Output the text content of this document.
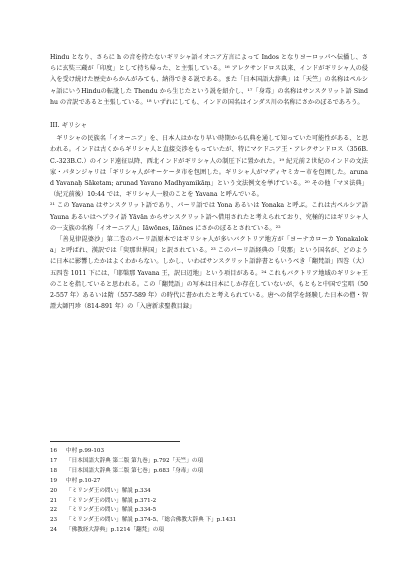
Hindu となり、さらに h の音を持たないギリシャ語イオニア方言によって Indos となりヨーロッパへ伝播し、さらに玄奘三蔵が「印度」として持ち帰った、と主張している。¹⁶ アレクサンドロス以来、インドがギリシャ人の侵入を受け続けた歴史からかんがみても、納得できる説である。また「日本国語大辞典」は「天竺」の名称はペルシャ語にいうHinduの転訛した Thendu から生じたという説を紹介し、¹⁷「身毒」の名称はサンスクリット語 Sindhu の音訳であると主張している。¹⁸ いずれにしても、インドの国名はインダス川の名称にさかのぼるであろう。

III. ギリシャ

ギリシャの民族名「イオーニア」を、日本人はかなり早い時期から仏典を通して知っていた可能性がある、と思われる。インドは古くからギリシャ人と直接交渉をもっていたが、特にマケドニア王・アレクサンドロス（356B.C.-323B.C.）のインド遠征以降、西北インドがギリシャ人の制圧下に置かれた。¹⁹ 紀元前２世紀のインドの文法家・パタンジャリは「ギリシャ人がサーケータ市を包囲した。ギリシャ人がマディヤミカー市を包囲した。arunad Yavanaḥ Sāketam; arunad Yavano Madhyamikāṃ」という文法例文を挙げている。²⁰ その他「マヌ法典」（紀元前後）10:44 では、ギリシャ人一般のことを Yavana と呼んでいる。

²¹ この Yavana はサンスクリット語であり、パーリ語では Yona あるいは Yonaka と呼ぶ。これは古ペルシア語 Yauna あるいはヘブライ語 Yāvān からサンスクリット語へ借用されたと考えられており、究極的にはギリシャ人の一支族の名称「イオーニア人」Iāwōnes, Iāōnes にさかのぼるとされている。²²

「善見律毘婆沙」第二巻のパーリ語原本ではギリシャ人が多いバクトリア地方が「ヨーナカローカ Yonakaloka」と呼ばれ、漢訳では「臾那世界国」と訳されている。²³ このパーリ語経典の「臾那」という国名が、どのように日本に影響したかはよくわからない。しかし、いわばサンスクリット語辞書ともいうべき「翻梵語」四巻（大）五四巻 1011 下には、「耶槃那 Yavana 王，訳曰辺地」という項目がある。²⁴ これもバクトリア地域のギリシャ王のことを指していると思われる。この「翻梵語」の写本は日本にしか存在していないが、もともと中国で宝唱（502-557 年）あるいは隋（557-589 年）の時代に書かれたと考えられている。唐への留学を経験した日本の僧・智證大師円珍（814-891 年）の「入唐新求聖教目録」

16	中村 p.99-103
17	「日本国語大辞典 第二版 第九巻」p.792「天竺」の項
18	「日本国語大辞典 第二版 第七巻」p.683「身毒」の項
19	中村 p.10-27
20	「ミリンダ王の問い」解説 p.334
21	「ミリンダ王の問い」解説 p.371-2
22	「ミリンダ王の問い」解説 p.334-5
23	「ミリンダ王の問い」解説 p.374-5、「総合佛教大辞典 下」p.1431
24	「佛教経大辞典」p.1214「翻梵」の項
